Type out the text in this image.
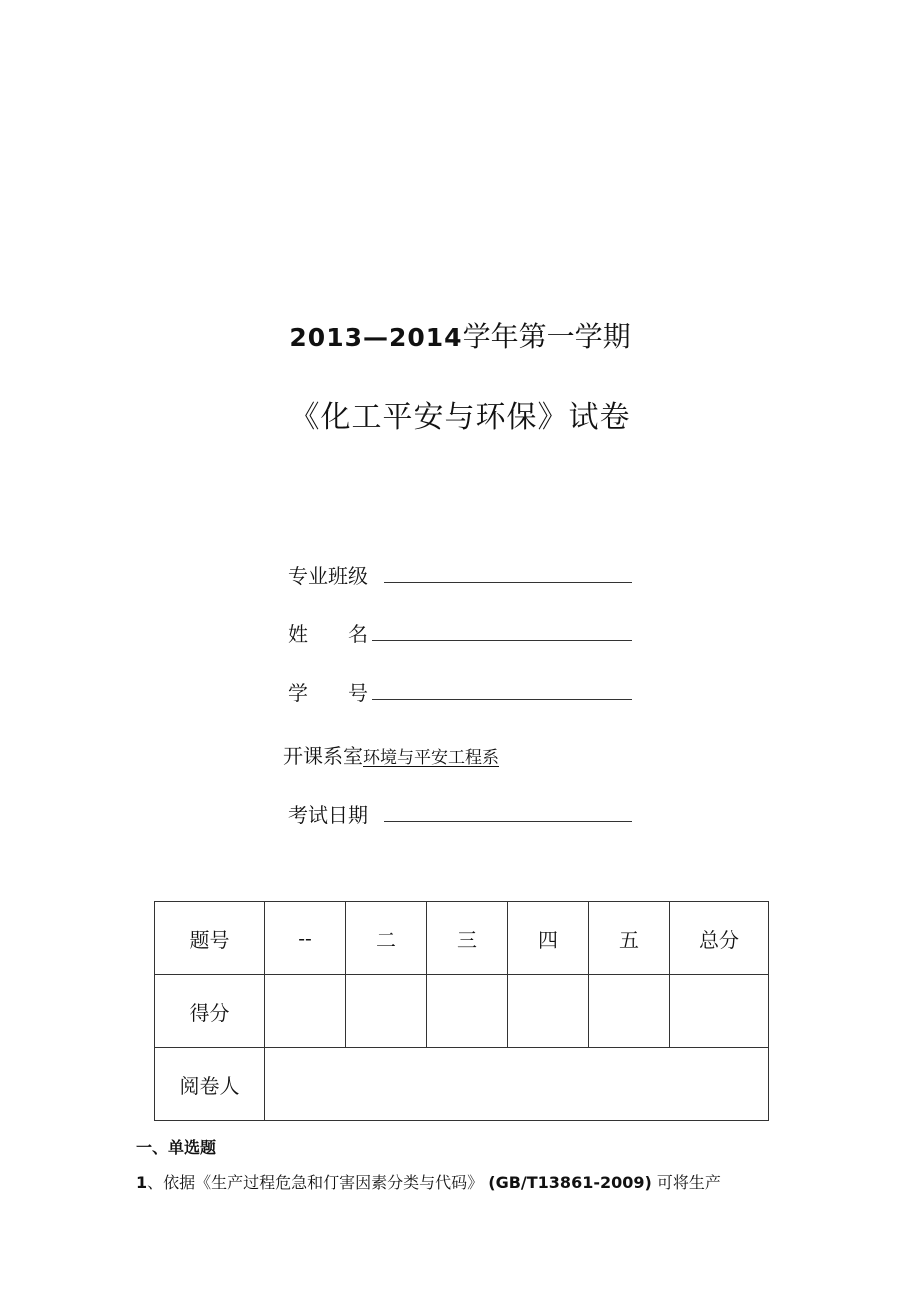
2013—2014学年第一学期
《化工平安与环保》试卷
专业班级
姓　　名
学　　号
开课系室环境与平安工程系
考试日期
题号	--	二	三	四	五	总分
得分						
阅卷人						
一、单选题
1、依据《生产过程危急和仃害因素分类与代码》 (GB/T13861-2009) 可将生产
